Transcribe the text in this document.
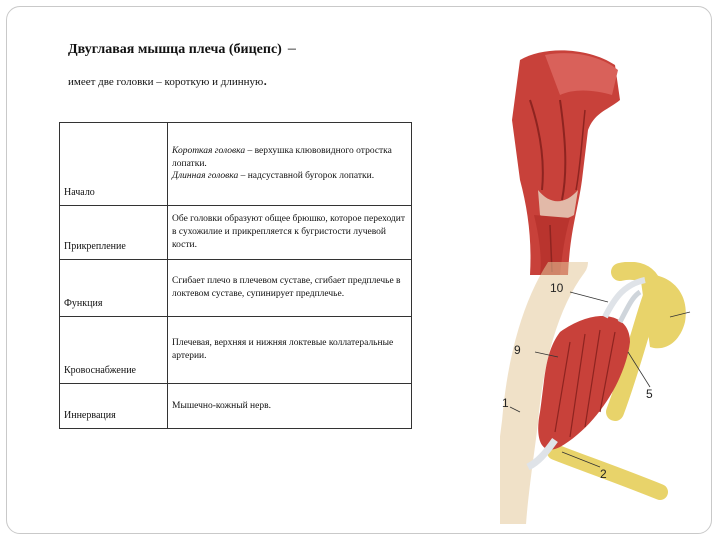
Двуглавая мышца плеча (бицепс) –
имеет две головки – короткую и длинную.
Начало	Короткая головка – верхушка клювовидного отростка лопатки.
Длинная головка – надсуставной бугорок лопатки.
Прикрепление	Обе головки образуют общее брюшко, которое переходит в сухожилие и прикрепляется к бугристости лучевой кости.
Функция	Сгибает плечо в плечевом суставе, сгибает предплечье в локтевом суставе, супинирует предплечье.
Кровоснабжение	Плечевая, верхняя и нижняя локтевые коллатеральные артерии.
Иннервация	Мышечно-кожный нерв.
10
9
1
5
2
